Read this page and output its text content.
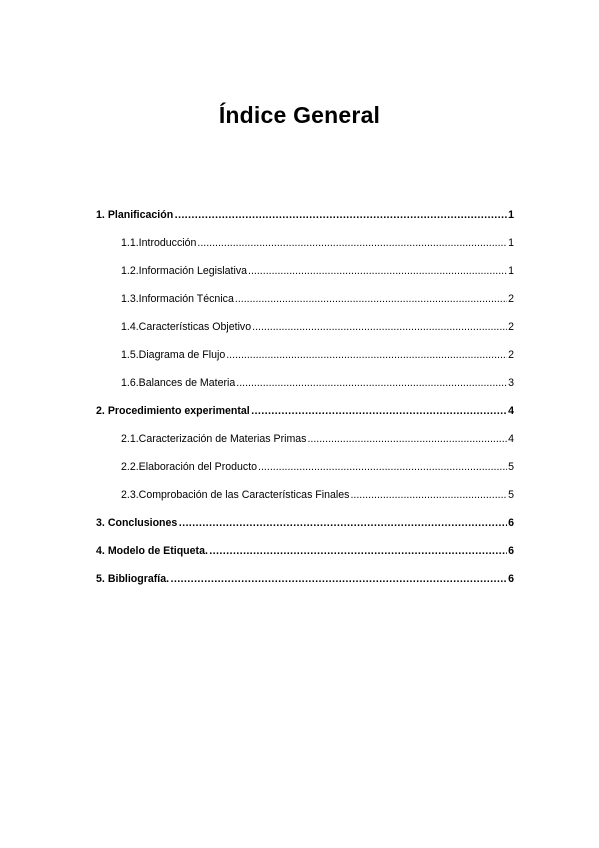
Índice General
1. Planificación …………………………………………………………………………………………………………………………………………………………………………	1
1.1. Introducción .....	1
1.2. Información Legislativa .....	1
1.3. Información Técnica .....	2
1.4. Características Objetivo .....	2
1.5. Diagrama de Flujo .....	2
1.6. Balances de Materia .....	3
2. Procedimiento experimental …………………………………………………………………………………………………………………………………………………………………………	4
2.1. Caracterización de Materias Primas .....	4
2.2. Elaboración del Producto .....	5
2.3. Comprobación de las Características Finales .....	5
3. Conclusiones …………………………………………………………………………………………………………………………………………………………………………	6
4. Modelo de Etiqueta. …………………………………………………………………………………………………………………………………………………………………………	6
5. Bibliografía. …………………………………………………………………………………………………………………………………………………………………………	6
